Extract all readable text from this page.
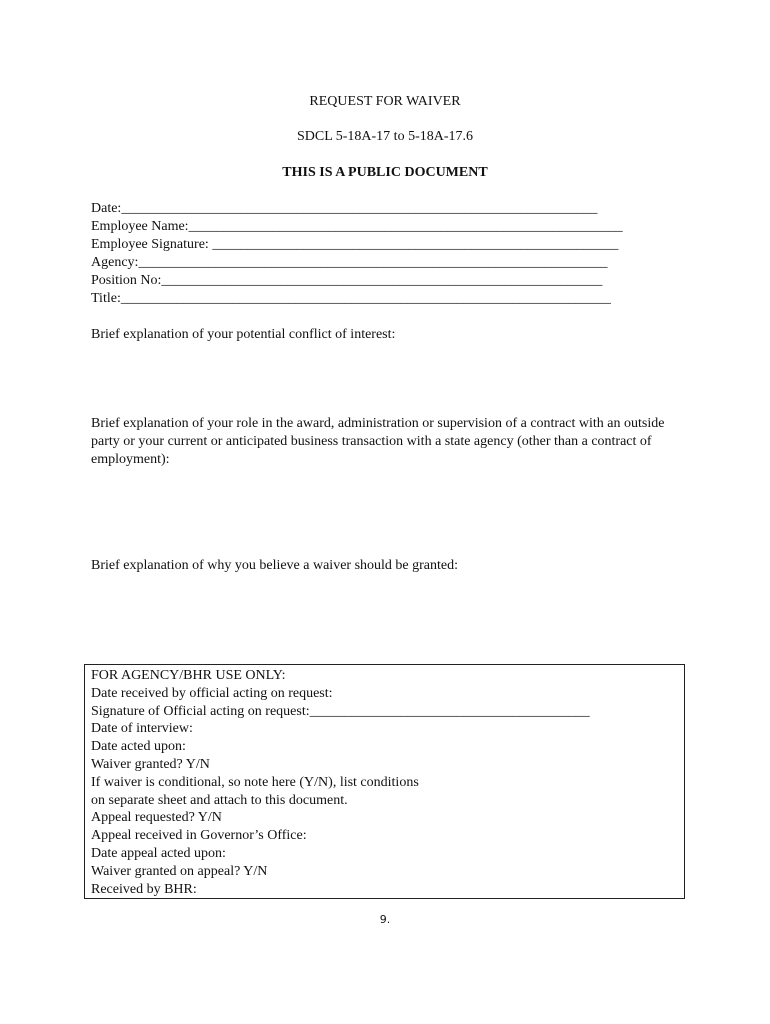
REQUEST FOR WAIVER
SDCL 5-18A-17 to 5-18A-17.6
THIS IS A PUBLIC DOCUMENT
Date:____________________________________________________________________
Employee Name:______________________________________________________________
Employee Signature: __________________________________________________________
Agency:___________________________________________________________________
Position No:_______________________________________________________________
Title:______________________________________________________________________
Brief explanation of your potential conflict of interest:
Brief explanation of your role in the award, administration or supervision of a contract with an outside party or your current or anticipated business transaction with a state agency (other than a contract of employment):
Brief explanation of why you believe a waiver should be granted:
FOR AGENCY/BHR USE ONLY:
Date received by official acting on request:
Signature of Official acting on request:________________________________________
Date of interview:
Date acted upon:
Waiver granted? Y/N
If waiver is conditional, so note here (Y/N), list conditions
on separate sheet and attach to this document.
Appeal requested? Y/N
Appeal received in Governor’s Office:
Date appeal acted upon:
Waiver granted on appeal? Y/N
Received by BHR:
9.
